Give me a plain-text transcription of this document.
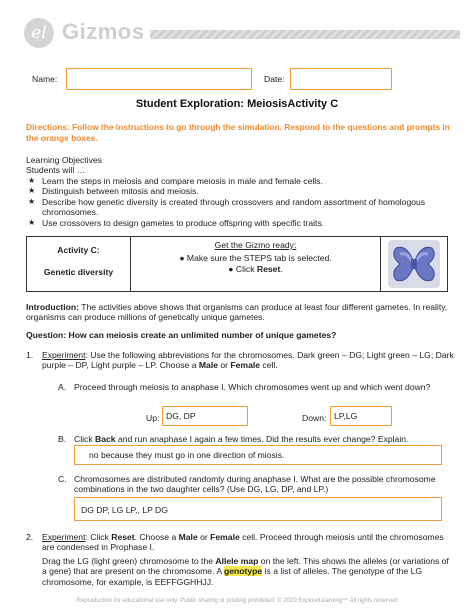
el Gizmos
Name:	Date:
Student Exploration: MeiosisActivity C
Directions: Follow the instructions to go through the simulation. Respond to the questions and prompts in the orange boxes.
Learning Objectives
Students will …
★ Learn the steps in meiosis and compare meiosis in male and female cells.
★ Distinguish between mitosis and meiosis.
★ Describe how genetic diversity is created through crossovers and random assortment of homologous chromosomes.
★ Use crossovers to design gametes to produce offspring with specific traits.
Activity C:
Genetic diversity
Get the Gizmo ready:
● Make sure the STEPS tab is selected.
● Click Reset.
Introduction: The activities above shows that organisms can produce at least four different gametes. In reality, organisms can produce millions of genetically unique gametes.
Question: How can meiosis create an unlimited number of unique gametes?
1. Experiment: Use the following abbreviations for the chromosomes. Dark green – DG; Light green – LG; Dark purple – DP, Light purple – LP. Choose a Male or Female cell.
A. Proceed through meiosis to anaphase I. Which chromosomes went up and which went down?
Up: DG, DP	Down: LP,LG
B. Click Back and run anaphase I again a few times. Did the results ever change? Explain.
no because they must go in one direction of miosis.
C. Chromosomes are distributed randomly during anaphase I. What are the possible chromosome combinations in the two daughter cells? (Use DG, LG, DP, and LP.)
DG DP, LG LP,, LP DG
2. Experiment: Click Reset. Choose a Male or Female cell. Proceed through meiosis until the chromosomes are condensed in Prophase I.
Drag the LG (light green) chromosome to the Allele map on the left. This shows the alleles (or variations of a gene) that are present on the chromosome. A genotype is a list of alleles. The genotype of the LG chromosome, for example, is EEFFGGHHJJ.
Reproduction for educational use only. Public sharing or posting prohibited. © 2020 ExploreLearning™ All rights reserved
